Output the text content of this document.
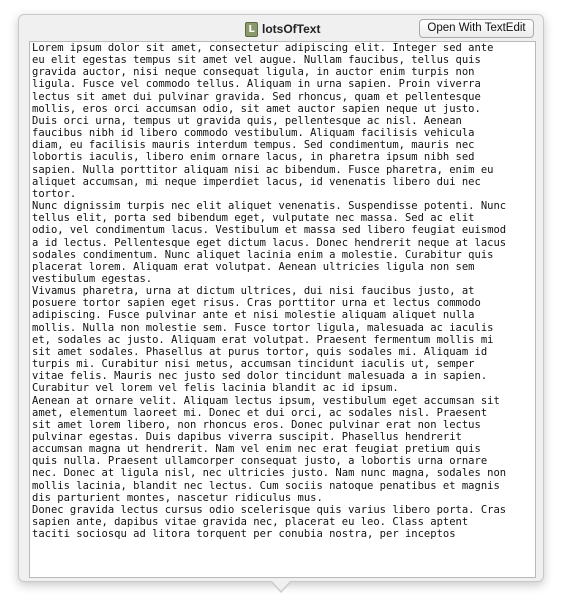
L lotsOfText	Open With TextEdit
Lorem ipsum dolor sit amet, consectetur adipiscing elit. Integer sed ante
eu elit egestas tempus sit amet vel augue. Nullam faucibus, tellus quis
gravida auctor, nisi neque consequat ligula, in auctor enim turpis non
ligula. Fusce vel commodo tellus. Aliquam in urna sapien. Proin viverra
lectus sit amet dui pulvinar gravida. Sed rhoncus, quam et pellentesque
mollis, eros orci accumsan odio, sit amet auctor sapien neque ut justo.
Duis orci urna, tempus ut gravida quis, pellentesque ac nisl. Aenean
faucibus nibh id libero commodo vestibulum. Aliquam facilisis vehicula
diam, eu facilisis mauris interdum tempus. Sed condimentum, mauris nec
lobortis iaculis, libero enim ornare lacus, in pharetra ipsum nibh sed
sapien. Nulla porttitor aliquam nisi ac bibendum. Fusce pharetra, enim eu
aliquet accumsan, mi neque imperdiet lacus, id venenatis libero dui nec
tortor.
Nunc dignissim turpis nec elit aliquet venenatis. Suspendisse potenti. Nunc
tellus elit, porta sed bibendum eget, vulputate nec massa. Sed ac elit
odio, vel condimentum lacus. Vestibulum et massa sed libero feugiat euismod
a id lectus. Pellentesque eget dictum lacus. Donec hendrerit neque at lacus
sodales condimentum. Nunc aliquet lacinia enim a molestie. Curabitur quis
placerat lorem. Aliquam erat volutpat. Aenean ultricies ligula non sem
vestibulum egestas.
Vivamus pharetra, urna at dictum ultrices, dui nisi faucibus justo, at
posuere tortor sapien eget risus. Cras porttitor urna et lectus commodo
adipiscing. Fusce pulvinar ante et nisi molestie aliquam aliquet nulla
mollis. Nulla non molestie sem. Fusce tortor ligula, malesuada ac iaculis
et, sodales ac justo. Aliquam erat volutpat. Praesent fermentum mollis mi
sit amet sodales. Phasellus at purus tortor, quis sodales mi. Aliquam id
turpis mi. Curabitur nisi metus, accumsan tincidunt iaculis ut, semper
vitae felis. Mauris nec justo sed dolor tincidunt malesuada a in sapien.
Curabitur vel lorem vel felis lacinia blandit ac id ipsum.
Aenean at ornare velit. Aliquam lectus ipsum, vestibulum eget accumsan sit
amet, elementum laoreet mi. Donec et dui orci, ac sodales nisl. Praesent
sit amet lorem libero, non rhoncus eros. Donec pulvinar erat non lectus
pulvinar egestas. Duis dapibus viverra suscipit. Phasellus hendrerit
accumsan magna ut hendrerit. Nam vel enim nec erat feugiat pretium quis
quis nulla. Praesent ullamcorper consequat justo, a lobortis urna ornare
nec. Donec at ligula nisl, nec ultricies justo. Nam nunc magna, sodales non
mollis lacinia, blandit nec lectus. Cum sociis natoque penatibus et magnis
dis parturient montes, nascetur ridiculus mus.
Donec gravida lectus cursus odio scelerisque quis varius libero porta. Cras
sapien ante, dapibus vitae gravida nec, placerat eu leo. Class aptent
taciti sociosqu ad litora torquent per conubia nostra, per inceptos
